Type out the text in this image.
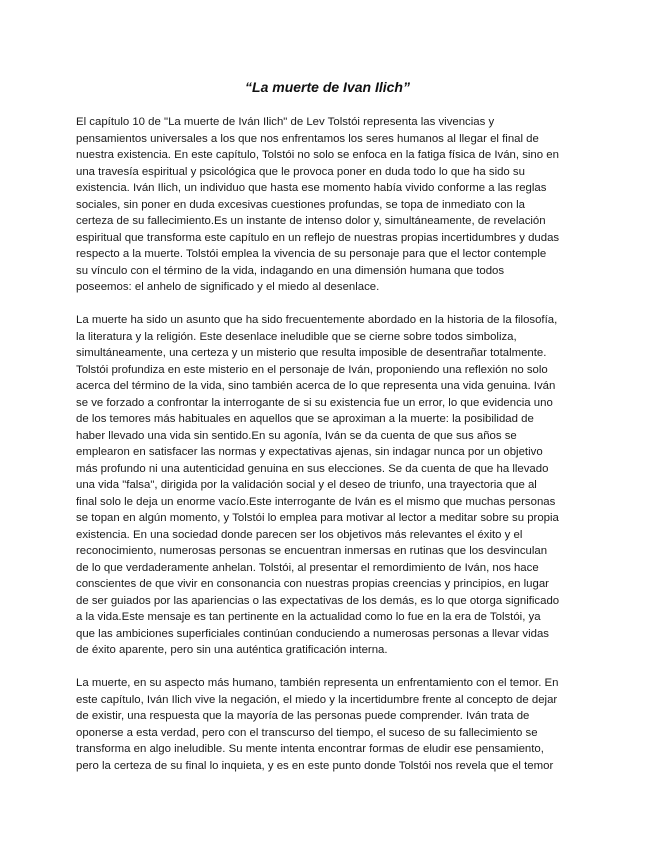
“La muerte de Ivan Ilich”

El capítulo 10 de "La muerte de Iván Ilich" de Lev Tolstói representa las vivencias y
pensamientos universales a los que nos enfrentamos los seres humanos al llegar el final de
nuestra existencia. En este capítulo, Tolstói no solo se enfoca en la fatiga física de Iván, sino en
una travesía espiritual y psicológica que le provoca poner en duda todo lo que ha sido su
existencia. Iván Ilich, un individuo que hasta ese momento había vivido conforme a las reglas
sociales, sin poner en duda excesivas cuestiones profundas, se topa de inmediato con la
certeza de su fallecimiento.Es un instante de intenso dolor y, simultáneamente, de revelación
espiritual que transforma este capítulo en un reflejo de nuestras propias incertidumbres y dudas
respecto a la muerte. Tolstói emplea la vivencia de su personaje para que el lector contemple
su vínculo con el término de la vida, indagando en una dimensión humana que todos
poseemos: el anhelo de significado y el miedo al desenlace.

La muerte ha sido un asunto que ha sido frecuentemente abordado en la historia de la filosofía,
la literatura y la religión. Este desenlace ineludible que se cierne sobre todos simboliza,
simultáneamente, una certeza y un misterio que resulta imposible de desentrañar totalmente.
Tolstói profundiza en este misterio en el personaje de Iván, proponiendo una reflexión no solo
acerca del término de la vida, sino también acerca de lo que representa una vida genuina. Iván
se ve forzado a confrontar la interrogante de si su existencia fue un error, lo que evidencia uno
de los temores más habituales en aquellos que se aproximan a la muerte: la posibilidad de
haber llevado una vida sin sentido.En su agonía, Iván se da cuenta de que sus años se
emplearon en satisfacer las normas y expectativas ajenas, sin indagar nunca por un objetivo
más profundo ni una autenticidad genuina en sus elecciones. Se da cuenta de que ha llevado
una vida "falsa", dirigida por la validación social y el deseo de triunfo, una trayectoria que al
final solo le deja un enorme vacío.Este interrogante de Iván es el mismo que muchas personas
se topan en algún momento, y Tolstói lo emplea para motivar al lector a meditar sobre su propia
existencia. En una sociedad donde parecen ser los objetivos más relevantes el éxito y el
reconocimiento, numerosas personas se encuentran inmersas en rutinas que los desvinculan
de lo que verdaderamente anhelan. Tolstói, al presentar el remordimiento de Iván, nos hace
conscientes de que vivir en consonancia con nuestras propias creencias y principios, en lugar
de ser guiados por las apariencias o las expectativas de los demás, es lo que otorga significado
a la vida.Este mensaje es tan pertinente en la actualidad como lo fue en la era de Tolstói, ya
que las ambiciones superficiales continúan conduciendo a numerosas personas a llevar vidas
de éxito aparente, pero sin una auténtica gratificación interna.

La muerte, en su aspecto más humano, también representa un enfrentamiento con el temor. En
este capítulo, Iván Ilich vive la negación, el miedo y la incertidumbre frente al concepto de dejar
de existir, una respuesta que la mayoría de las personas puede comprender. Iván trata de
oponerse a esta verdad, pero con el transcurso del tiempo, el suceso de su fallecimiento se
transforma en algo ineludible. Su mente intenta encontrar formas de eludir ese pensamiento,
pero la certeza de su final lo inquieta, y es en este punto donde Tolstói nos revela que el temor
